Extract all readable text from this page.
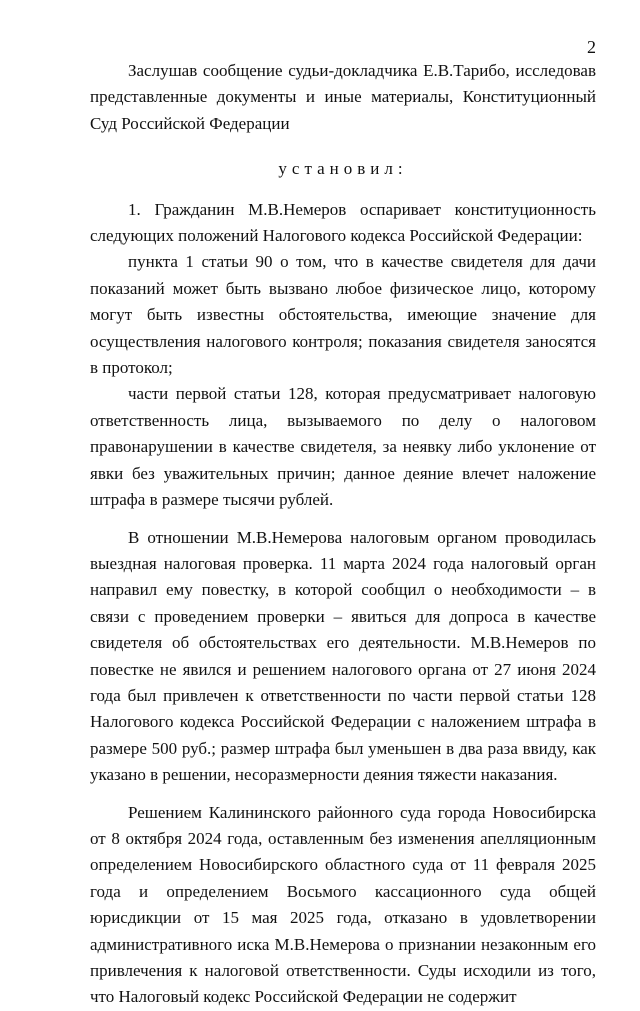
2

Заслушав сообщение судьи-докладчика Е.В.Тарибо, исследовав представленные документы и иные материалы, Конституционный Суд Российской Федерации

установил:

1. Гражданин М.В.Немеров оспаривает конституционность следующих положений Налогового кодекса Российской Федерации:

пункта 1 статьи 90 о том, что в качестве свидетеля для дачи показаний может быть вызвано любое физическое лицо, которому могут быть известны обстоятельства, имеющие значение для осуществления налогового контроля; показания свидетеля заносятся в протокол;

части первой статьи 128, которая предусматривает налоговую ответственность лица, вызываемого по делу о налоговом правонарушении в качестве свидетеля, за неявку либо уклонение от явки без уважительных причин; данное деяние влечет наложение штрафа в размере тысячи рублей.

В отношении М.В.Немерова налоговым органом проводилась выездная налоговая проверка. 11 марта 2024 года налоговый орган направил ему повестку, в которой сообщил о необходимости – в связи с проведением проверки – явиться для допроса в качестве свидетеля об обстоятельствах его деятельности. М.В.Немеров по повестке не явился и решением налогового органа от 27 июня 2024 года был привлечен к ответственности по части первой статьи 128 Налогового кодекса Российской Федерации с наложением штрафа в размере 500 руб.; размер штрафа был уменьшен в два раза ввиду, как указано в решении, несоразмерности деяния тяжести наказания.

Решением Калининского районного суда города Новосибирска от 8 октября 2024 года, оставленным без изменения апелляционным определением Новосибирского областного суда от 11 февраля 2025 года и определением Восьмого кассационного суда общей юрисдикции от 15 мая 2025 года, отказано в удовлетворении административного иска М.В.Немерова о признании незаконным его привлечения к налоговой ответственности. Суды исходили из того, что Налоговый кодекс Российской Федерации не содержит
